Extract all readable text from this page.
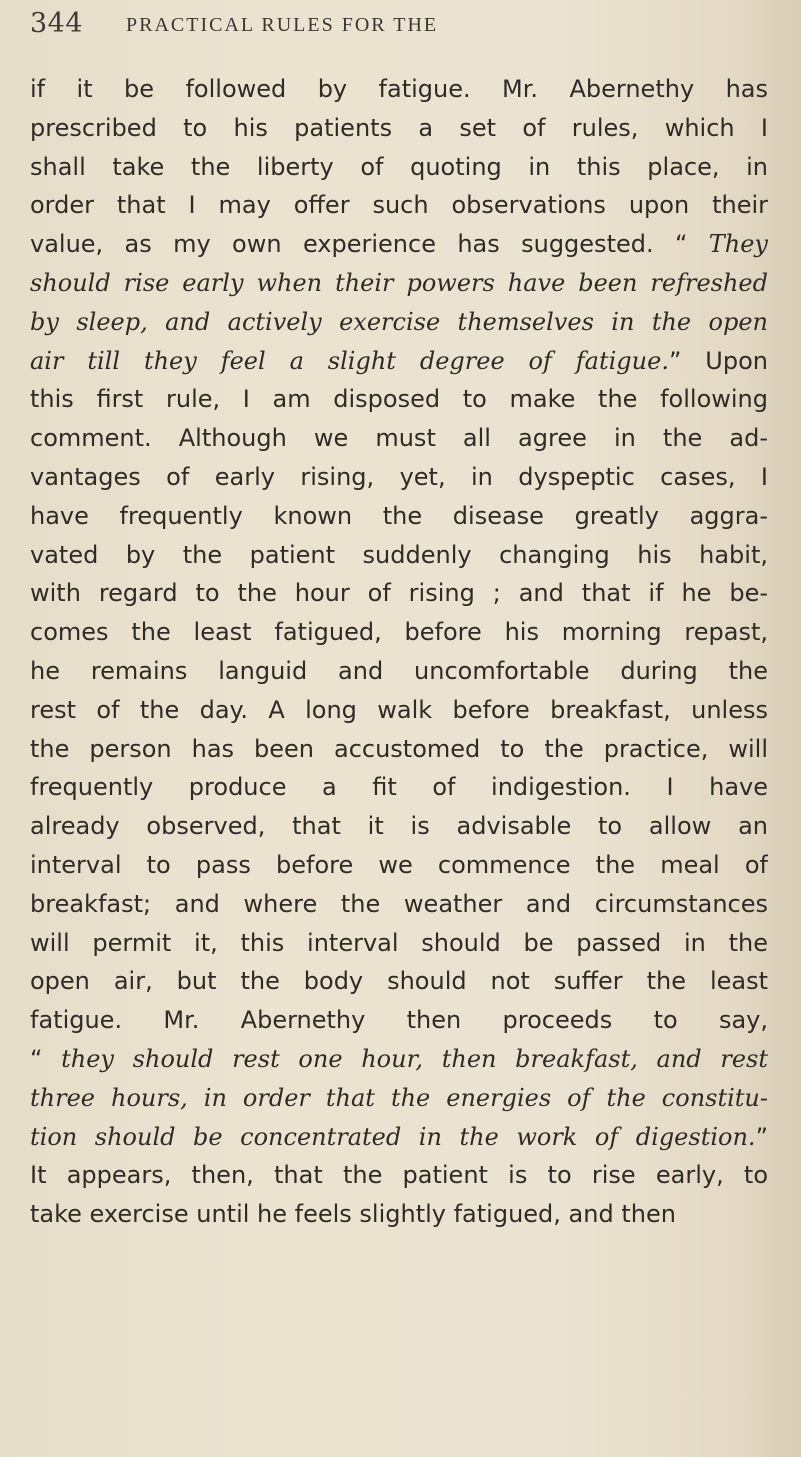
344 PRACTICAL RULES FOR THE
if it be followed by fatigue. Mr. Abernethy has
prescribed to his patients a set of rules, which I
shall take the liberty of quoting in this place, in
order that I may offer such observations upon their
value, as my own experience has suggested. “ They
should rise early when their powers have been refreshed
by sleep, and actively exercise themselves in the open
air till they feel a slight degree of fatigue.” Upon
this first rule, I am disposed to make the following
comment. Although we must all agree in the ad-
vantages of early rising, yet, in dyspeptic cases, I
have frequently known the disease greatly aggra-
vated by the patient suddenly changing his habit,
with regard to the hour of rising ; and that if he be-
comes the least fatigued, before his morning repast,
he remains languid and uncomfortable during the
rest of the day. A long walk before breakfast, unless
the person has been accustomed to the practice, will
frequently produce a fit of indigestion. I have
already observed, that it is advisable to allow an
interval to pass before we commence the meal of
breakfast; and where the weather and circumstances
will permit it, this interval should be passed in the
open air, but the body should not suffer the least
fatigue. Mr. Abernethy then proceeds to say,
“ they should rest one hour, then breakfast, and rest
three hours, in order that the energies of the constitu-
tion should be concentrated in the work of digestion.”
It appears, then, that the patient is to rise early, to
take exercise until he feels slightly fatigued, and then
